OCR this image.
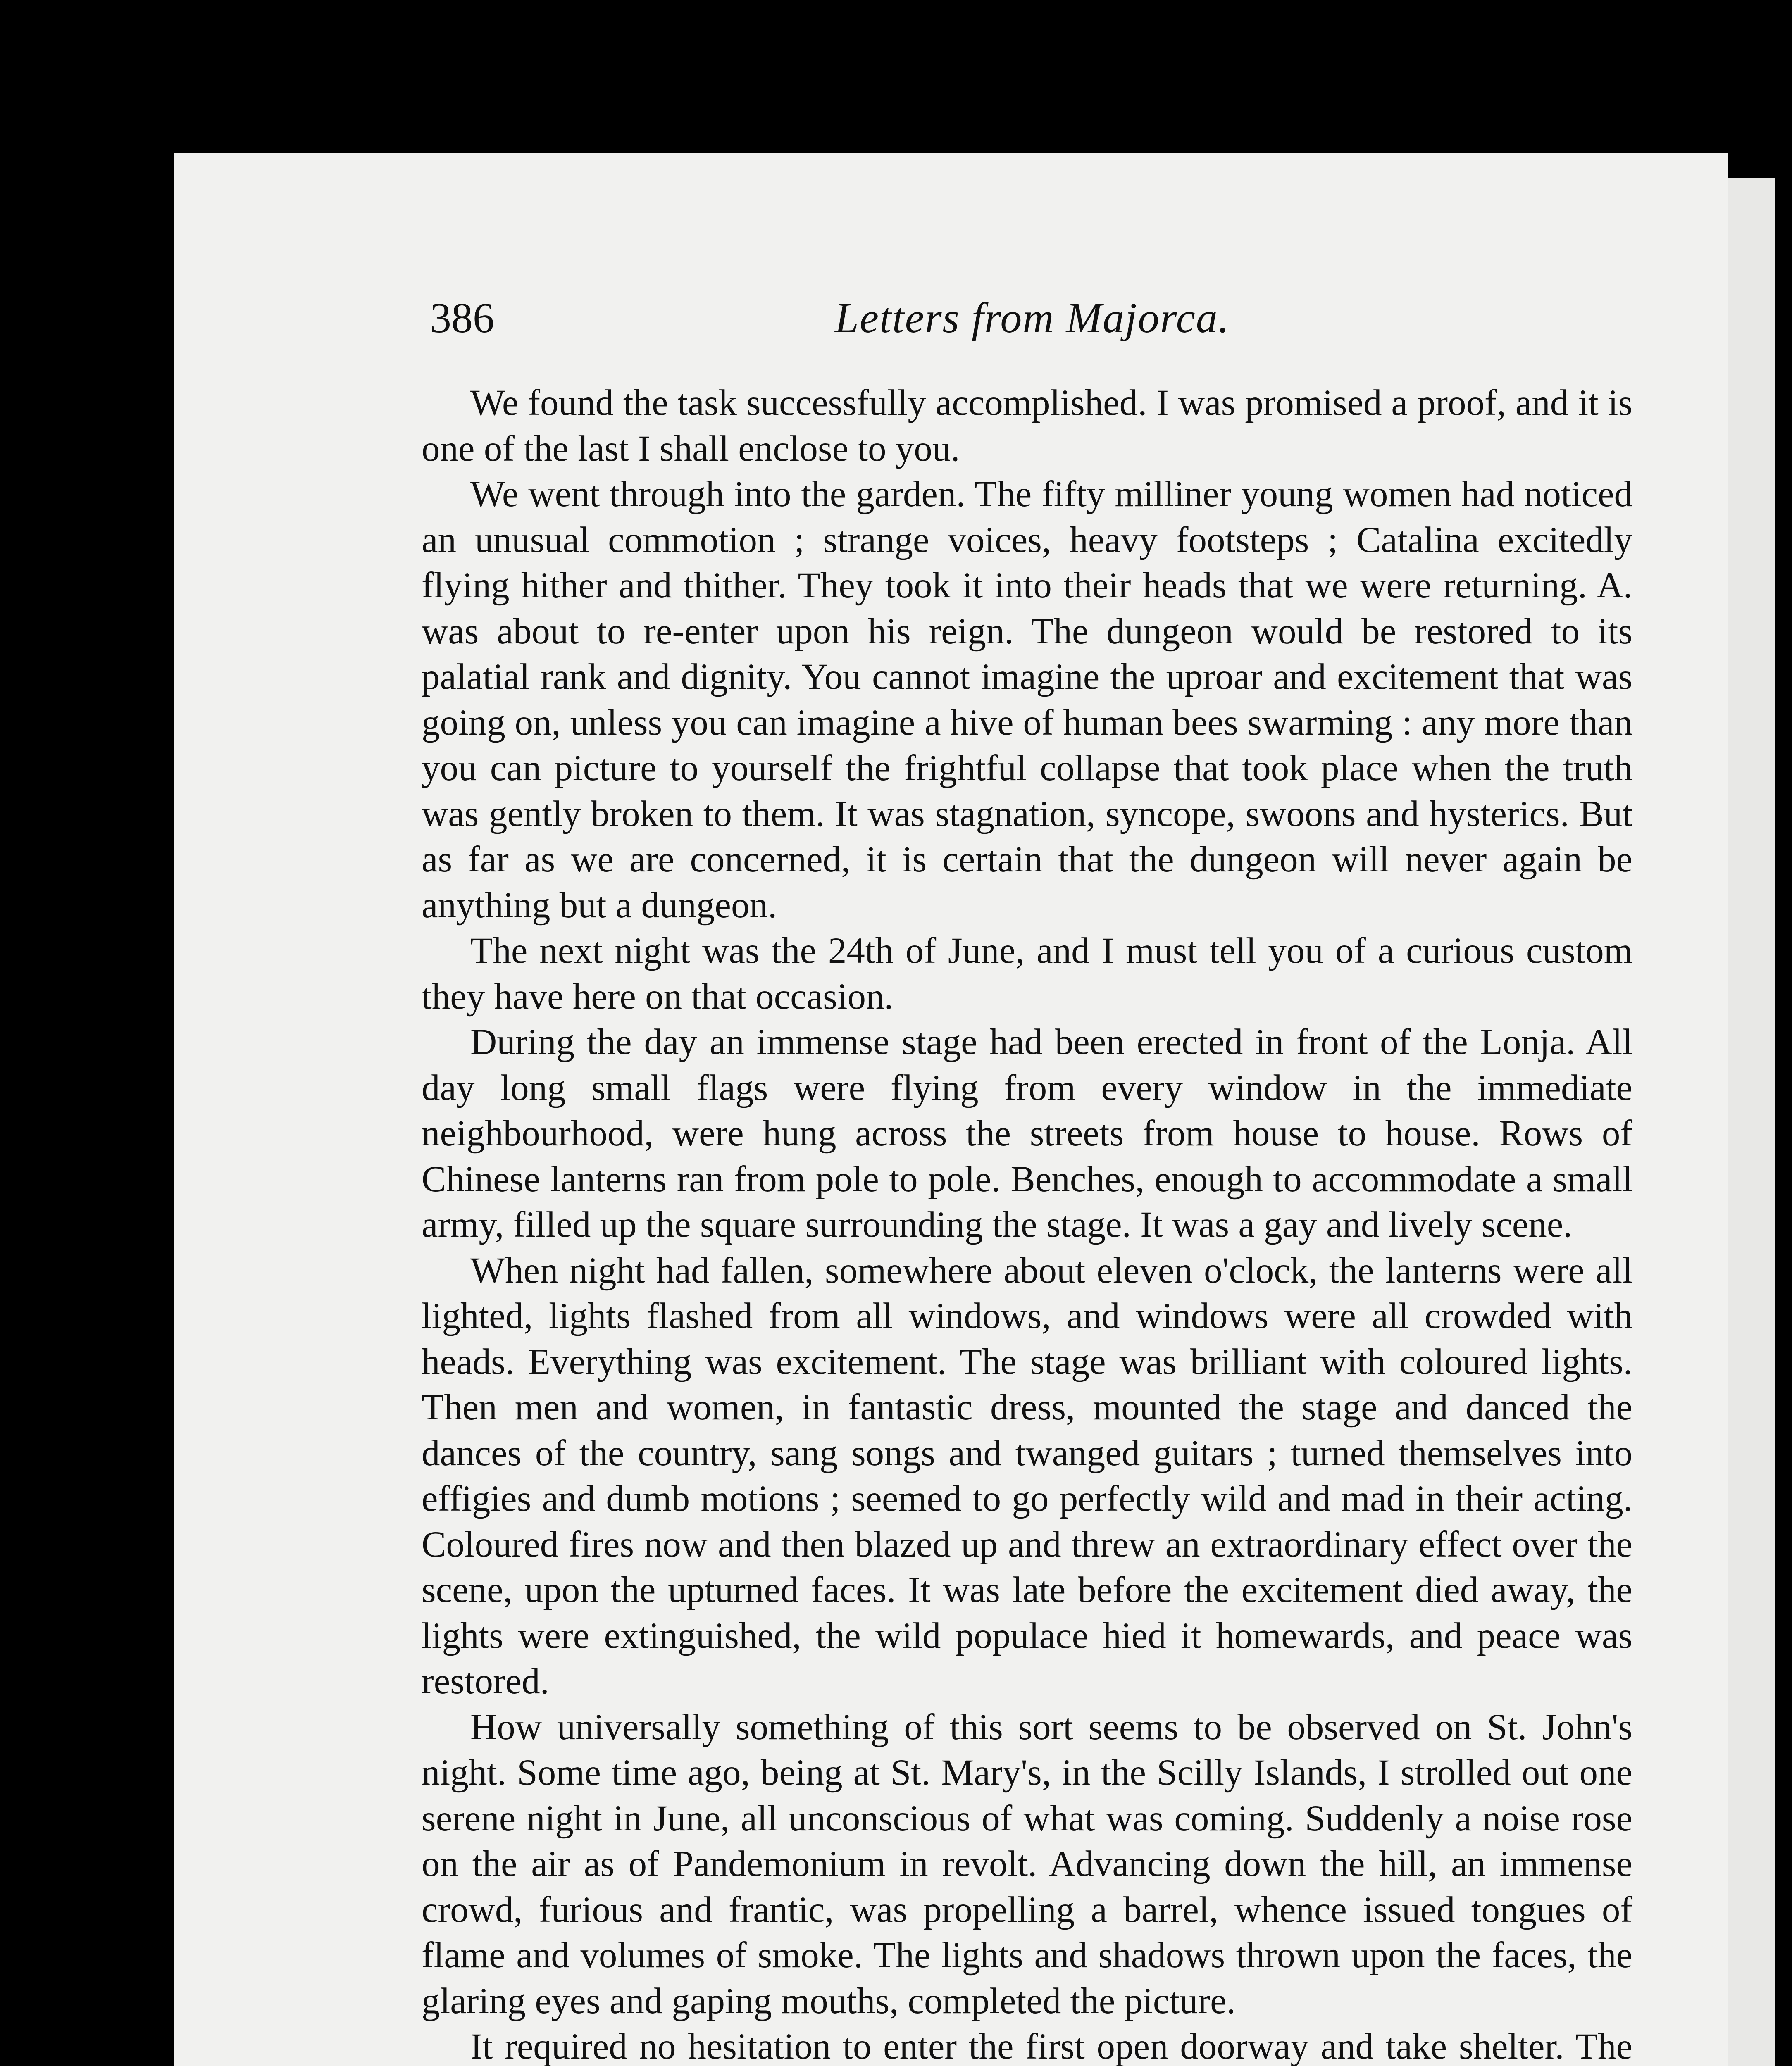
386	Letters from Majorca.

We found the task successfully accomplished. I was promised a proof, and it is one of the last I shall enclose to you.

We went through into the garden. The fifty milliner young women had noticed an unusual commotion ; strange voices, heavy footsteps ; Catalina excitedly flying hither and thither. They took it into their heads that we were returning. A. was about to re-enter upon his reign. The dungeon would be restored to its palatial rank and dignity. You cannot imagine the uproar and excitement that was going on, unless you can imagine a hive of human bees swarming : any more than you can picture to yourself the frightful collapse that took place when the truth was gently broken to them. It was stagnation, syncope, swoons and hysterics. But as far as we are concerned, it is certain that the dungeon will never again be anything but a dungeon.

The next night was the 24th of June, and I must tell you of a curious custom they have here on that occasion.

During the day an immense stage had been erected in front of the Lonja. All day long small flags were flying from every window in the immediate neighbourhood, were hung across the streets from house to house. Rows of Chinese lanterns ran from pole to pole. Benches, enough to accommodate a small army, filled up the square surrounding the stage. It was a gay and lively scene.

When night had fallen, somewhere about eleven o'clock, the lanterns were all lighted, lights flashed from all windows, and windows were all crowded with heads. Everything was excitement. The stage was brilliant with coloured lights. Then men and women, in fantastic dress, mounted the stage and danced the dances of the country, sang songs and twanged guitars ; turned themselves into effigies and dumb motions ; seemed to go perfectly wild and mad in their acting. Coloured fires now and then blazed up and threw an extraordinary effect over the scene, upon the upturned faces. It was late before the excitement died away, the lights were extinguished, the wild populace hied it homewards, and peace was restored.

How universally something of this sort seems to be observed on St. John's night. Some time ago, being at St. Mary's, in the Scilly Islands, I strolled out one serene night in June, all unconscious of what was coming. Suddenly a noise rose on the air as of Pandemonium in revolt. Advancing down the hill, an immense crowd, furious and frantic, was propelling a barrel, whence issued tongues of flame and volumes of smoke. The lights and shadows thrown upon the faces, the glaring eyes and gaping mouths, completed the picture.

It required no hesitation to enter the first open doorway and take shelter. The
